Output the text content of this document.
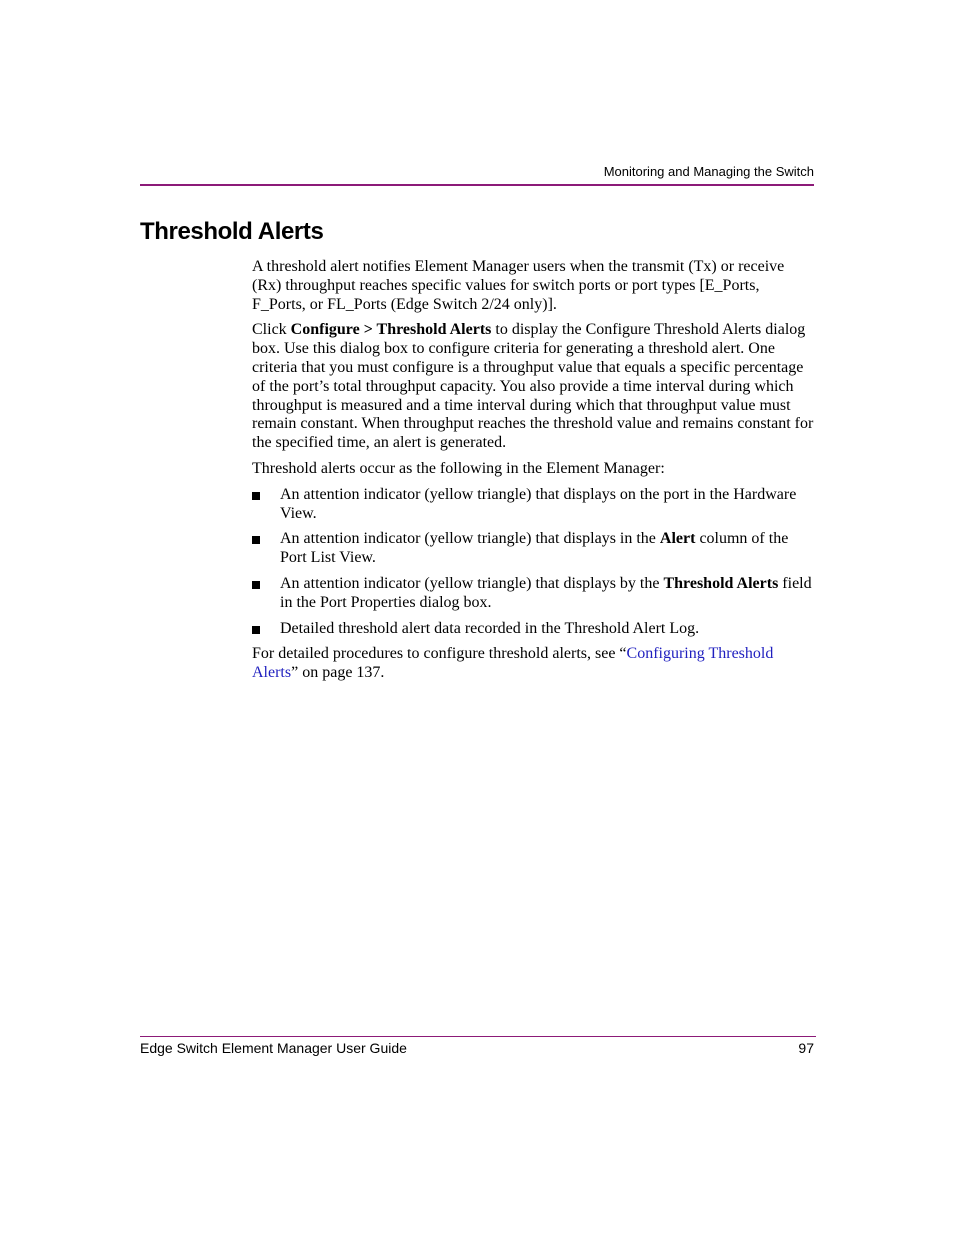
Monitoring and Managing the Switch
Threshold Alerts

A threshold alert notifies Element Manager users when the transmit (Tx) or receive (Rx) throughput reaches specific values for switch ports or port types [E_Ports, F_Ports, or FL_Ports (Edge Switch 2/24 only)].

Click Configure > Threshold Alerts to display the Configure Threshold Alerts dialog box. Use this dialog box to configure criteria for generating a threshold alert. One criteria that you must configure is a throughput value that equals a specific percentage of the port’s total throughput capacity. You also provide a time interval during which throughput is measured and a time interval during which that throughput value must remain constant. When throughput reaches the threshold value and remains constant for the specified time, an alert is generated.

Threshold alerts occur as the following in the Element Manager:

An attention indicator (yellow triangle) that displays on the port in the Hardware View.
An attention indicator (yellow triangle) that displays in the Alert column of the Port List View.
An attention indicator (yellow triangle) that displays by the Threshold Alerts field in the Port Properties dialog box.
Detailed threshold alert data recorded in the Threshold Alert Log.

For detailed procedures to configure threshold alerts, see “Configuring Threshold Alerts” on page 137.

Edge Switch Element Manager User Guide	97
